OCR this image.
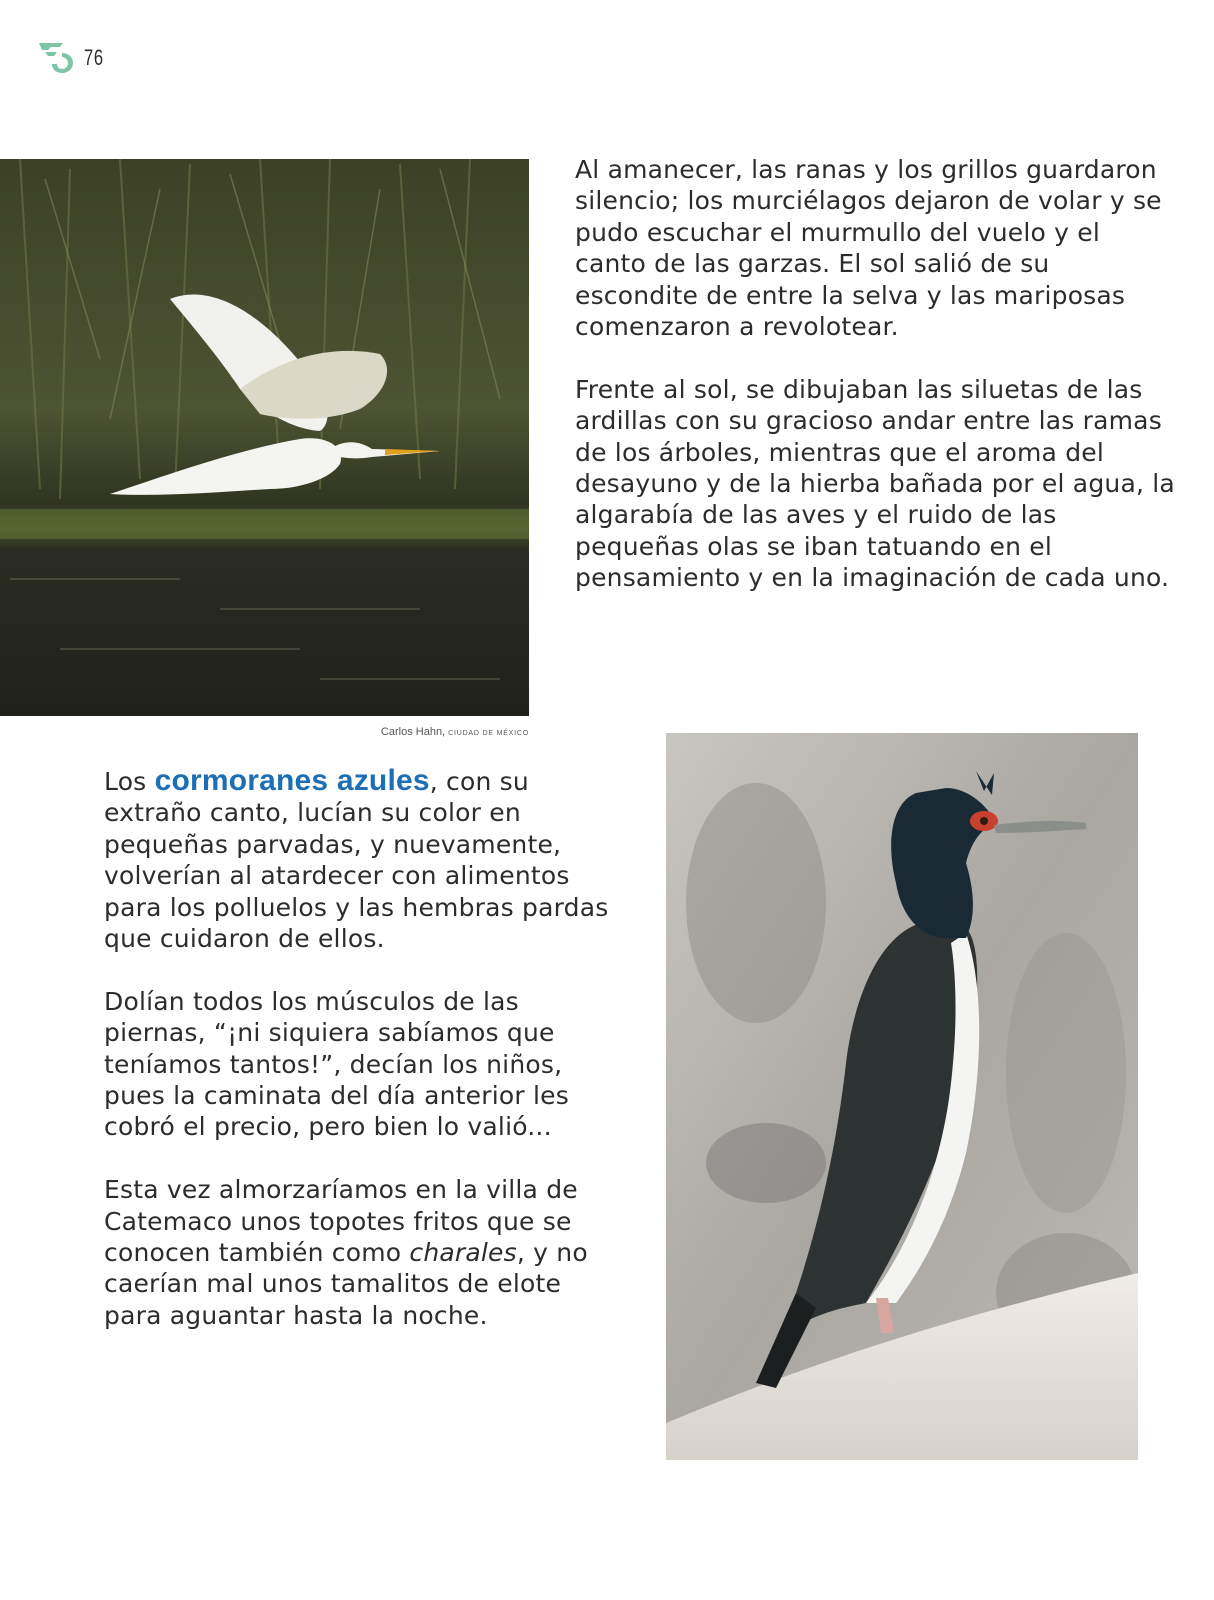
76
Carlos Hahn, CIUDAD DE MÉXICO

Al amanecer, las ranas y los grillos guardaron silencio; los murciélagos dejaron de volar y se pudo escuchar el murmullo del vuelo y el canto de las garzas. El sol salió de su escondite de entre la selva y las mariposas comenzaron a revolotear.

Frente al sol, se dibujaban las siluetas de las ardillas con su gracioso andar entre las ramas de los árboles, mientras que el aroma del desayuno y de la hierba bañada por el agua, la algarabía de las aves y el ruido de las pequeñas olas se iban tatuando en el pensamiento y en la imaginación de cada uno.

Los cormoranes azules, con su extraño canto, lucían su color en pequeñas parvadas, y nuevamente, volverían al atardecer con alimentos para los polluelos y las hembras pardas que cuidaron de ellos.

Dolían todos los músculos de las piernas, “¡ni siquiera sabíamos que teníamos tantos!”, decían los niños, pues la caminata del día anterior les cobró el precio, pero bien lo valió...

Esta vez almorzaríamos en la villa de Catemaco unos topotes fritos que se conocen también como charales, y no caerían mal unos tamalitos de elote para aguantar hasta la noche.
